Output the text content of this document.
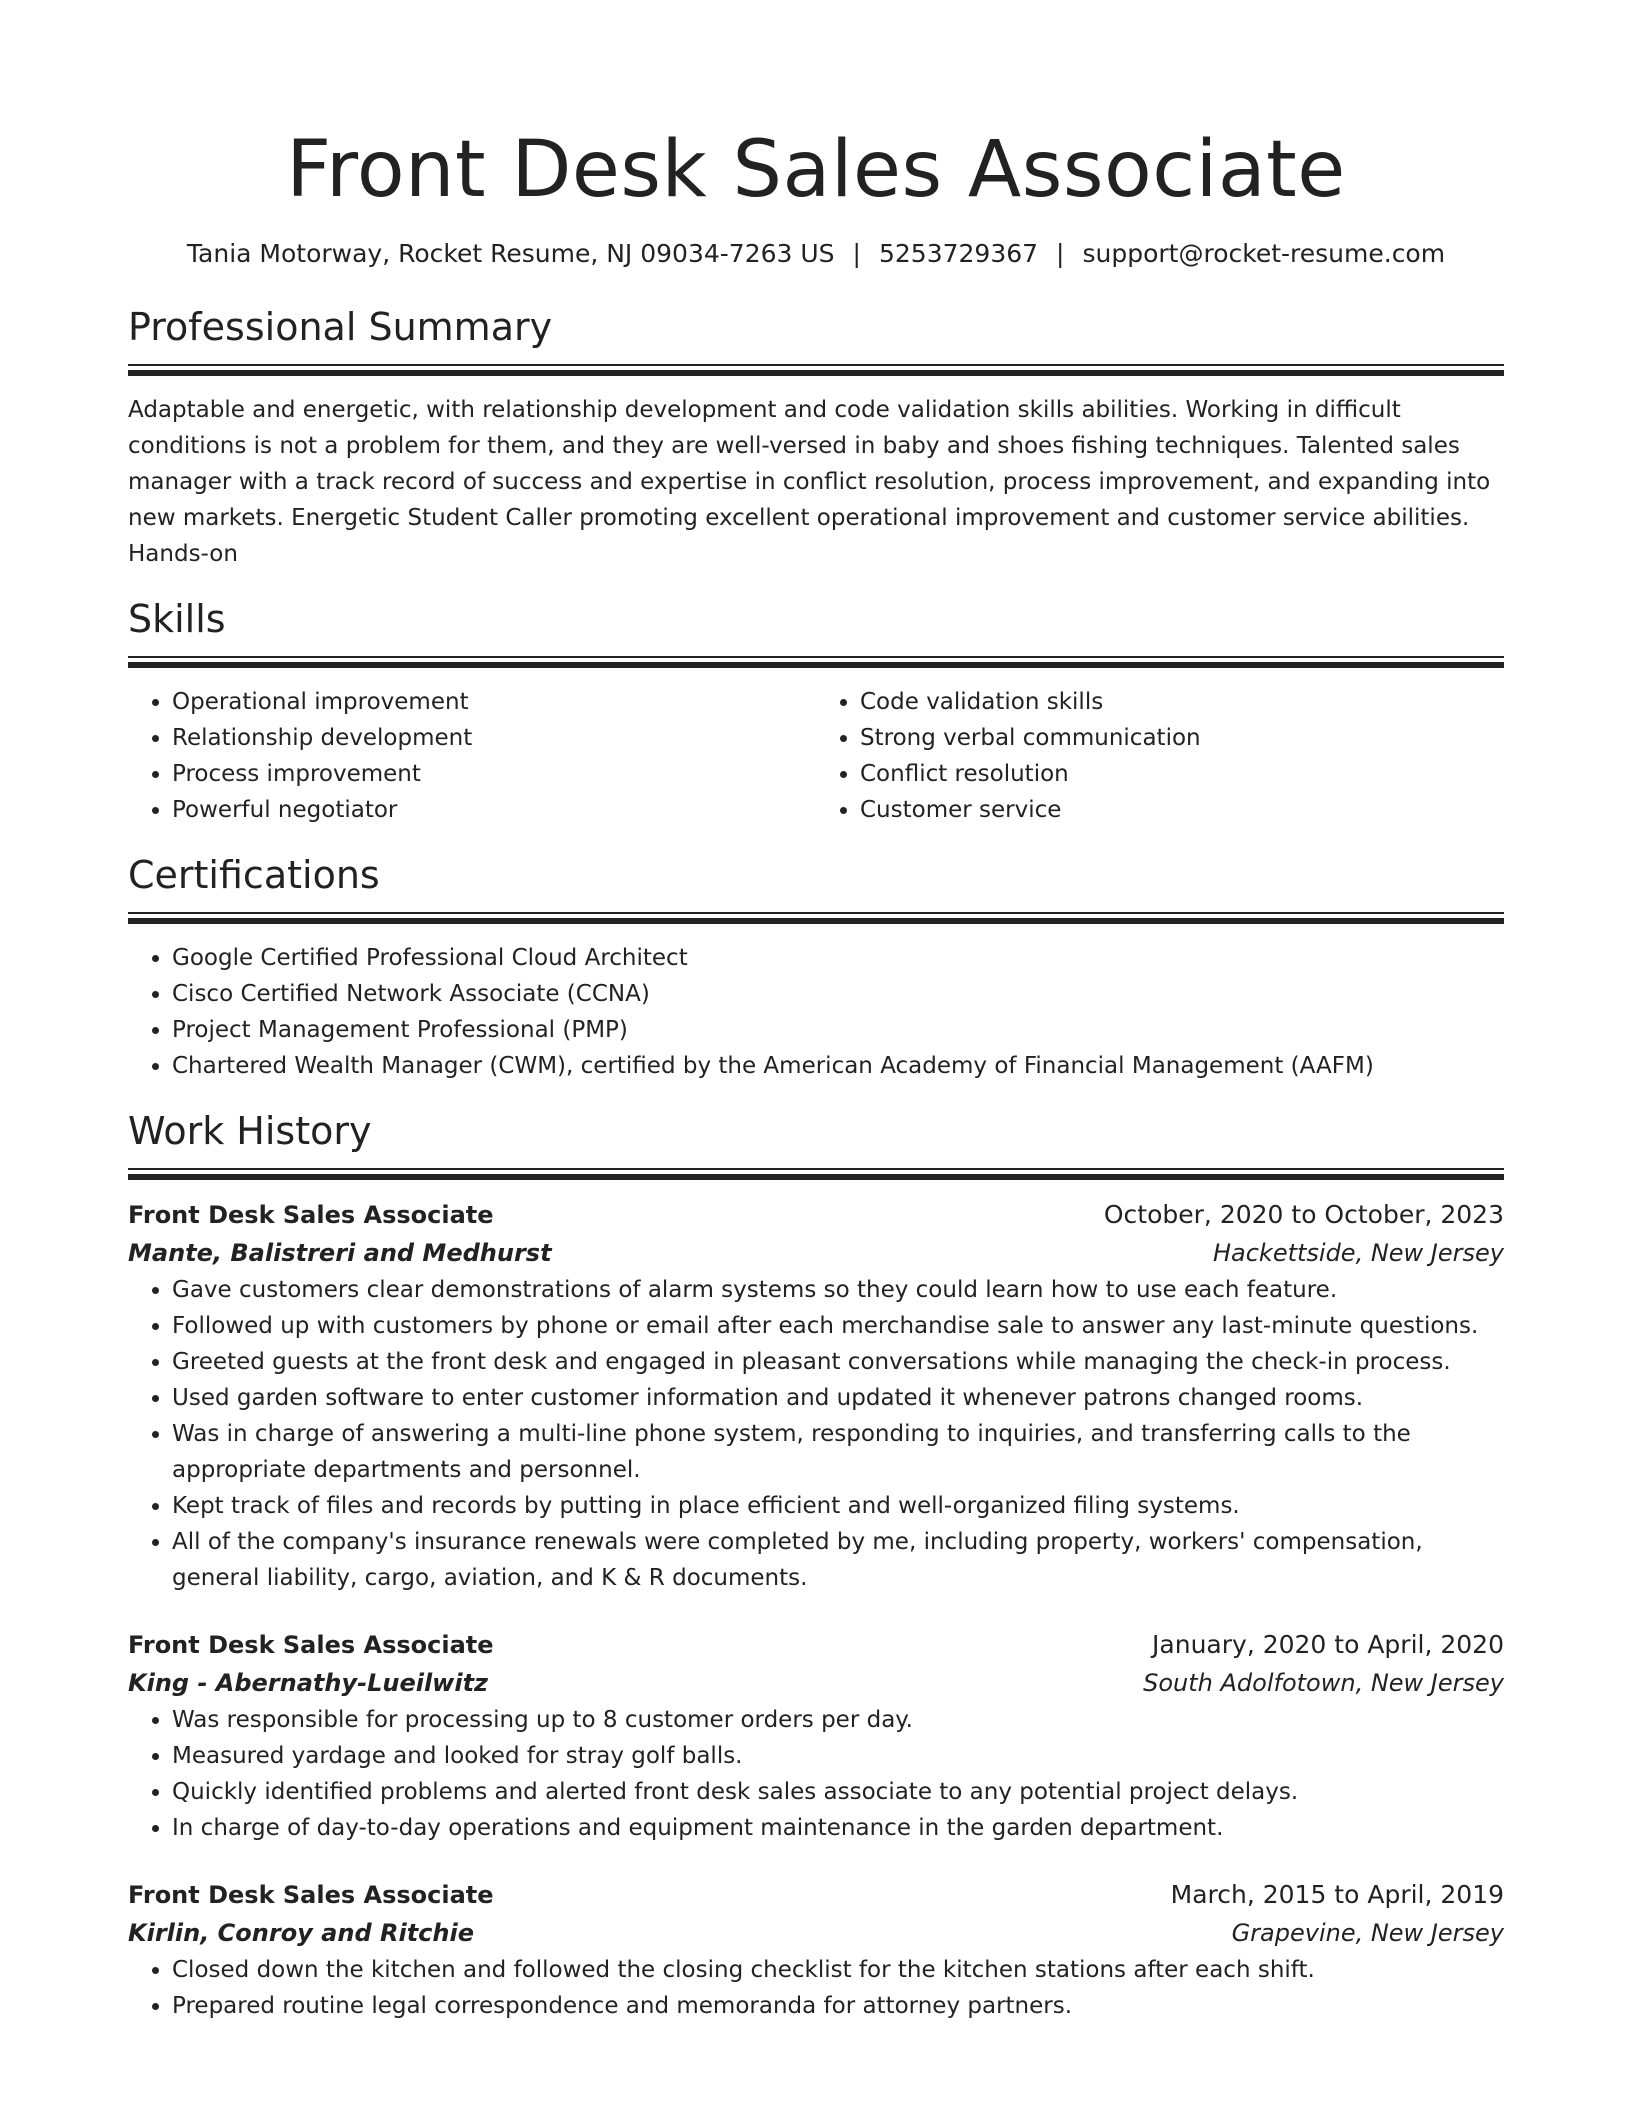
Front Desk Sales Associate
Tania Motorway, Rocket Resume, NJ 09034-7263 US | 5253729367 | support@rocket-resume.com
Professional Summary

Adaptable and energetic, with relationship development and code validation skills abilities. Working in difficult conditions is not a problem for them, and they are well-versed in baby and shoes fishing techniques. Talented sales manager with a track record of success and expertise in conflict resolution, process improvement, and expanding into new markets. Energetic Student Caller promoting excellent operational improvement and customer service abilities. Hands-on

Skills
• Operational improvement
• Relationship development
• Process improvement
• Powerful negotiator
• Code validation skills
• Strong verbal communication
• Conflict resolution
• Customer service
Certifications
• Google Certified Professional Cloud Architect
• Cisco Certified Network Associate (CCNA)
• Project Management Professional (PMP)
• Chartered Wealth Manager (CWM), certified by the American Academy of Financial Management (AAFM)
Work History
Front Desk Sales Associate	October, 2020 to October, 2023
Mante, Balistreri and Medhurst	Hackettside, New Jersey
• Gave customers clear demonstrations of alarm systems so they could learn how to use each feature.
• Followed up with customers by phone or email after each merchandise sale to answer any last-minute questions.
• Greeted guests at the front desk and engaged in pleasant conversations while managing the check-in process.
• Used garden software to enter customer information and updated it whenever patrons changed rooms.
• Was in charge of answering a multi-line phone system, responding to inquiries, and transferring calls to the appropriate departments and personnel.
• Kept track of files and records by putting in place efficient and well-organized filing systems.
• All of the company's insurance renewals were completed by me, including property, workers' compensation, general liability, cargo, aviation, and K & R documents.
Front Desk Sales Associate	January, 2020 to April, 2020
King - Abernathy-Lueilwitz	South Adolfotown, New Jersey
• Was responsible for processing up to 8 customer orders per day.
• Measured yardage and looked for stray golf balls.
• Quickly identified problems and alerted front desk sales associate to any potential project delays.
• In charge of day-to-day operations and equipment maintenance in the garden department.
Front Desk Sales Associate	March, 2015 to April, 2019
Kirlin, Conroy and Ritchie	Grapevine, New Jersey
• Closed down the kitchen and followed the closing checklist for the kitchen stations after each shift.
• Prepared routine legal correspondence and memoranda for attorney partners.
